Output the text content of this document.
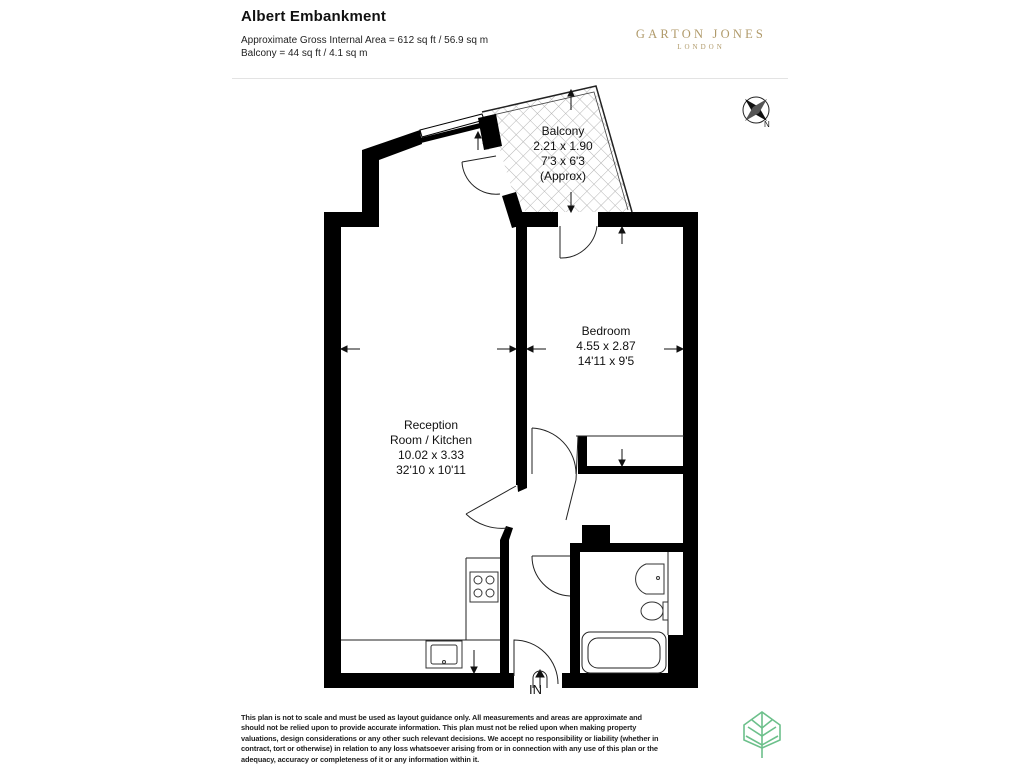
Albert Embankment
Approximate Gross Internal Area = 612 sq ft / 56.9 sq m
Balcony = 44 sq ft / 4.1 sq m
GARTON JONES
LONDON
Balcony
2.21 x 1.90
7'3 x 6'3
(Approx)
Bedroom
4.55 x 2.87
14'11 x 9'5
Reception
Room / Kitchen
10.02 x 3.33
32'10 x 10'11
N
IN
This plan is not to scale and must be used as layout guidance only. All measurements and areas are approximate and should not be relied upon to provide accurate information. This plan must not be relied upon when making property valuations, design considerations or any other such relevant decisions. We accept no responsibility or liability (whether in contract, tort or otherwise) in relation to any loss whatsoever arising from or in connection with any use of this plan or the adequacy, accuracy or completeness of it or any information within it.
